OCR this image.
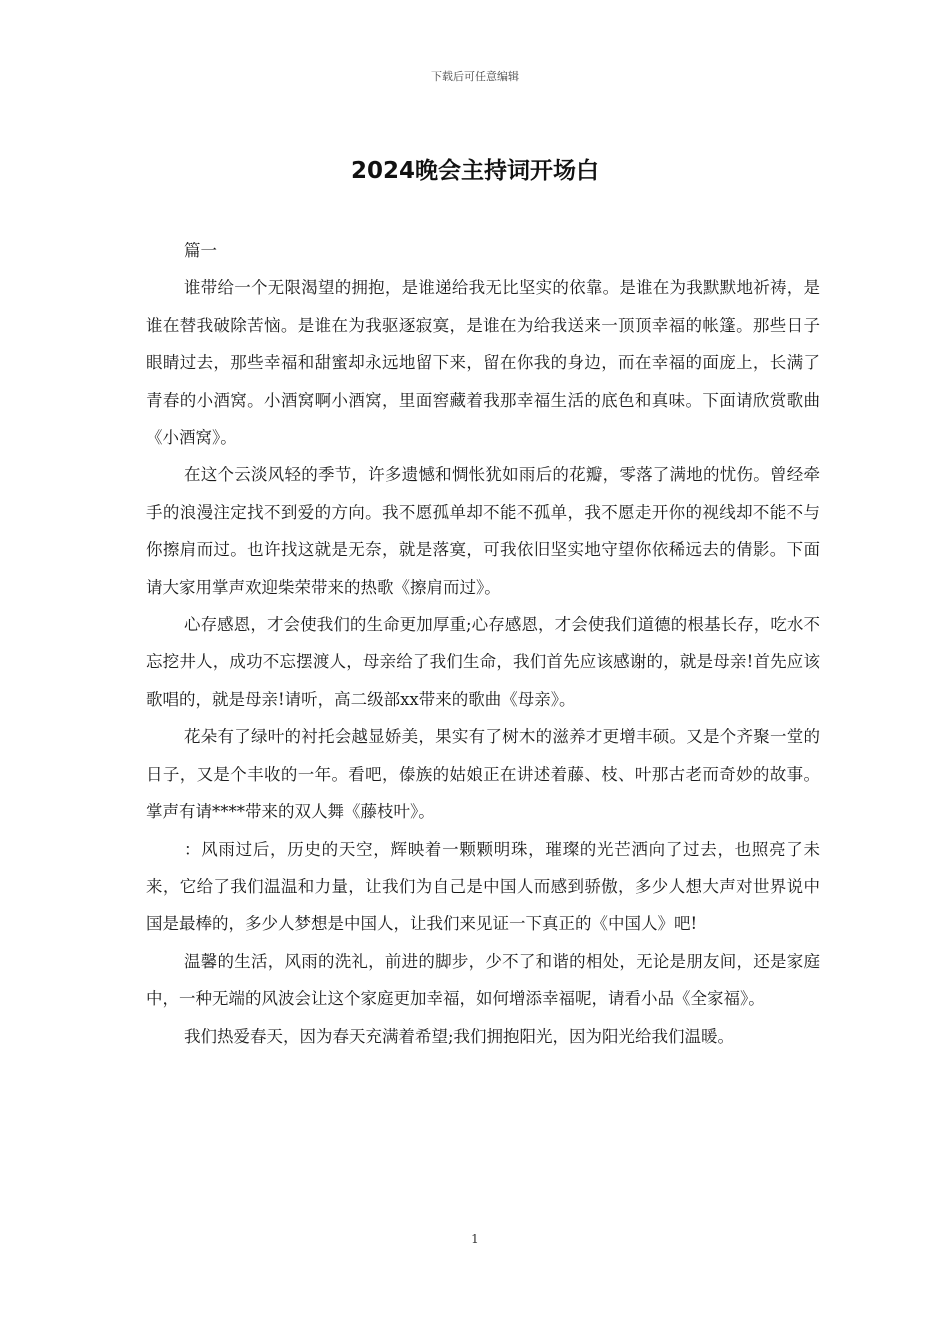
下载后可任意编辑
2024晚会主持词开场白

篇一

谁带给一个无限渴望的拥抱，是谁递给我无比坚实的依靠。是谁在为我默默地祈祷，是谁在替我破除苦恼。是谁在为我驱逐寂寞，是谁在为给我送来一顶顶幸福的帐篷。那些日子眼睛过去，那些幸福和甜蜜却永远地留下来，留在你我的身边，而在幸福的面庞上，长满了青春的小酒窝。小酒窝啊小酒窝，里面窖藏着我那幸福生活的底色和真味。下面请欣赏歌曲《小酒窝》。

在这个云淡风轻的季节，许多遗憾和惆怅犹如雨后的花瓣，零落了满地的忧伤。曾经牵手的浪漫注定找不到爱的方向。我不愿孤单却不能不孤单，我不愿走开你的视线却不能不与你擦肩而过。也许找这就是无奈，就是落寞，可我依旧坚实地守望你依稀远去的倩影。下面请大家用掌声欢迎柴荣带来的热歌《擦肩而过》。

心存感恩，才会使我们的生命更加厚重;心存感恩，才会使我们道德的根基长存，吃水不忘挖井人，成功不忘摆渡人，母亲给了我们生命，我们首先应该感谢的，就是母亲!首先应该歌唱的，就是母亲!请听，高二级部xx带来的歌曲《母亲》。

花朵有了绿叶的衬托会越显娇美，果实有了树木的滋养才更增丰硕。又是个齐聚一堂的日子，又是个丰收的一年。看吧，傣族的姑娘正在讲述着藤、枝、叶那古老而奇妙的故事。掌声有请****带来的双人舞《藤枝叶》。

：风雨过后，历史的天空，辉映着一颗颗明珠，璀璨的光芒洒向了过去，也照亮了未来，它给了我们温温和力量，让我们为自己是中国人而感到骄傲，多少人想大声对世界说中国是最棒的，多少人梦想是中国人，让我们来见证一下真正的《中国人》吧!

温馨的生活，风雨的洗礼，前进的脚步，少不了和谐的相处，无论是朋友间，还是家庭中，一种无端的风波会让这个家庭更加幸福，如何增添幸福呢，请看小品《全家福》。

我们热爱春天，因为春天充满着希望;我们拥抱阳光，因为阳光给我们温暖。

1
